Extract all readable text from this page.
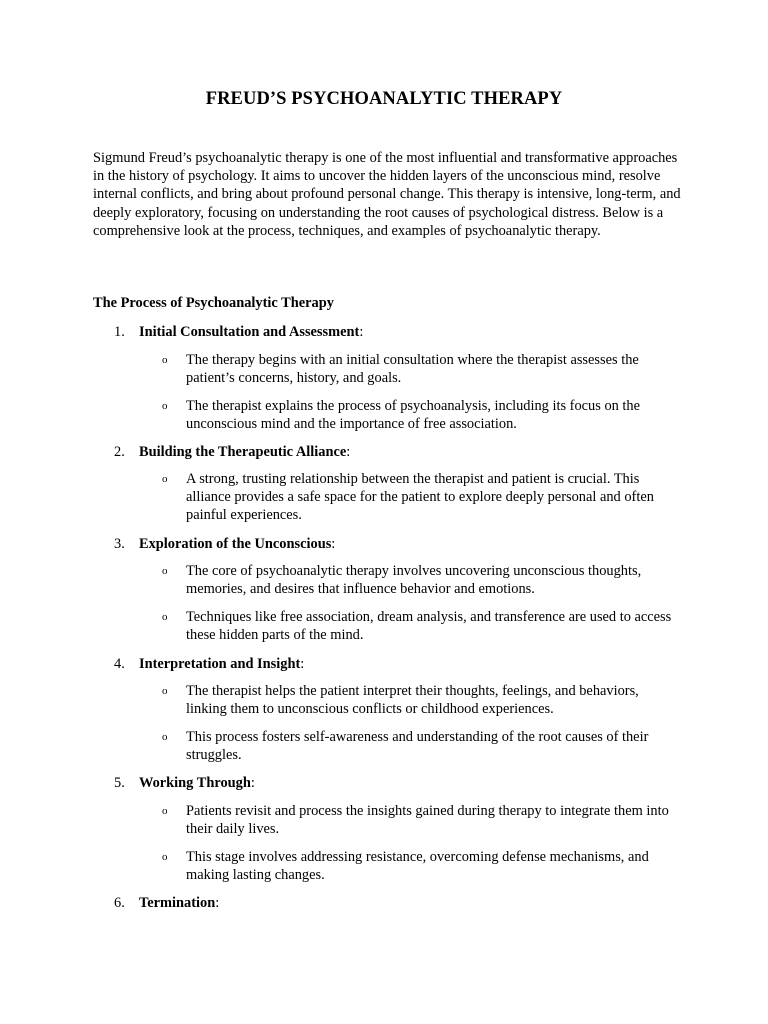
FREUD’S PSYCHOANALYTIC THERAPY

Sigmund Freud’s psychoanalytic therapy is one of the most influential and transformative approaches in the history of psychology. It aims to uncover the hidden layers of the unconscious mind, resolve internal conflicts, and bring about profound personal change. This therapy is intensive, long-term, and deeply exploratory, focusing on understanding the root causes of psychological distress. Below is a comprehensive look at the process, techniques, and examples of psychoanalytic therapy.

The Process of Psychoanalytic Therapy
1. Initial Consultation and Assessment:
o The therapy begins with an initial consultation where the therapist assesses the patient’s concerns, history, and goals.

o The therapist explains the process of psychoanalysis, including its focus on the unconscious mind and the importance of free association.

2. Building the Therapeutic Alliance:
o A strong, trusting relationship between the therapist and patient is crucial. This alliance provides a safe space for the patient to explore deeply personal and often painful experiences.

3. Exploration of the Unconscious:
o The core of psychoanalytic therapy involves uncovering unconscious thoughts, memories, and desires that influence behavior and emotions.

o Techniques like free association, dream analysis, and transference are used to access these hidden parts of the mind.

4. Interpretation and Insight:
o The therapist helps the patient interpret their thoughts, feelings, and behaviors, linking them to unconscious conflicts or childhood experiences.

o This process fosters self-awareness and understanding of the root causes of their struggles.

5. Working Through:
o Patients revisit and process the insights gained during therapy to integrate them into their daily lives.

o This stage involves addressing resistance, overcoming defense mechanisms, and making lasting changes.

6. Termination:
